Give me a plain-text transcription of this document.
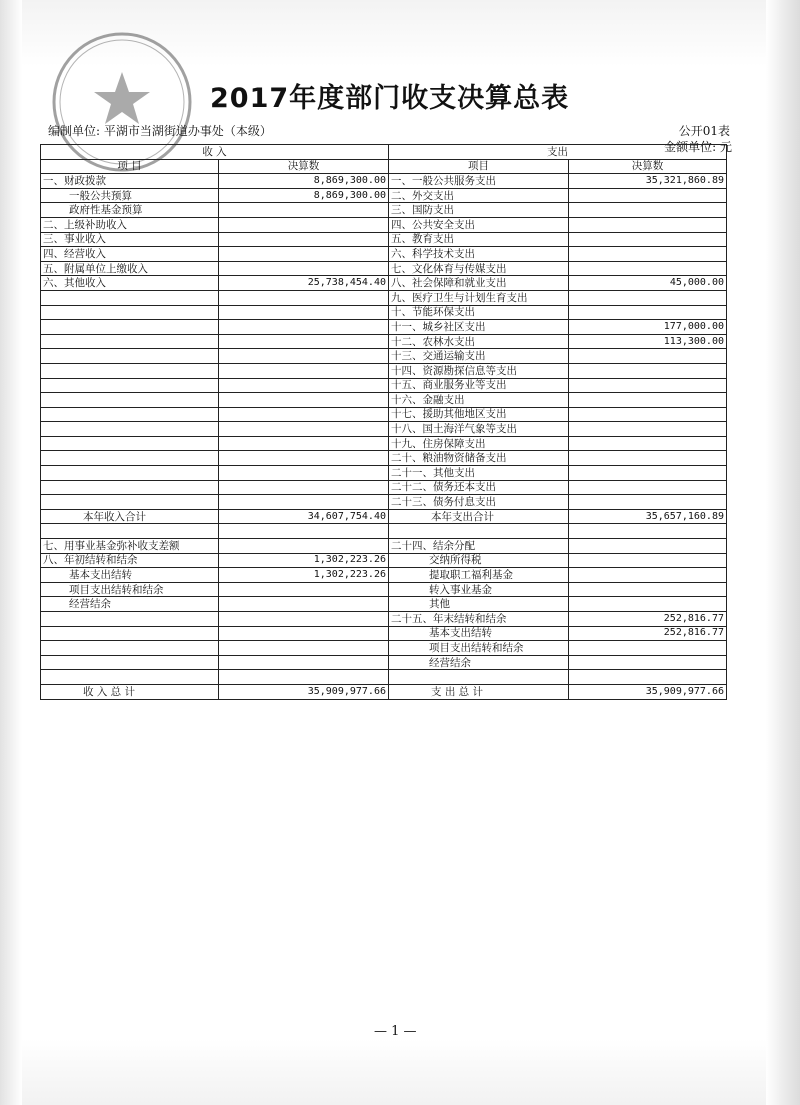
2017年度部门收支决算总表
编制单位: 平湖市当湖街道办事处（本级）	公开01表
金额单位: 元
收 入		支出	
项 目	决算数	项目	决算数
一、财政拨款	8,869,300.00	一、一般公共服务支出	35,321,860.89
一般公共预算	8,869,300.00	二、外交支出	
政府性基金预算		三、国防支出	
二、上级补助收入		四、公共安全支出	
三、事业收入		五、教育支出	
四、经营收入		六、科学技术支出	
五、附属单位上缴收入		七、文化体育与传媒支出	
六、其他收入	25,738,454.40	八、社会保障和就业支出	45,000.00
		九、医疗卫生与计划生育支出	
		十、节能环保支出	
		十一、城乡社区支出	177,000.00
		十二、农林水支出	113,300.00
		十三、交通运输支出	
		十四、资源勘探信息等支出	
		十五、商业服务业等支出	
		十六、金融支出	
		十七、援助其他地区支出	
		十八、国土海洋气象等支出	
		十九、住房保障支出	
		二十、粮油物资储备支出	
		二十一、其他支出	
		二十二、债务还本支出	
		二十三、债务付息支出	
本年收入合计	34,607,754.40	本年支出合计	35,657,160.89

七、用事业基金弥补收支差额		二十四、结余分配	
八、年初结转和结余	1,302,223.26	交纳所得税	
基本支出结转	1,302,223.26	提取职工福利基金	
项目支出结转和结余		转入事业基金	
经营结余		其他	
		二十五、年末结转和结余	252,816.77
		基本支出结转	252,816.77
		项目支出结转和结余	
		经营结余	

收 入 总 计	35,909,977.66	支 出 总 计	35,909,977.66
— 1 —
